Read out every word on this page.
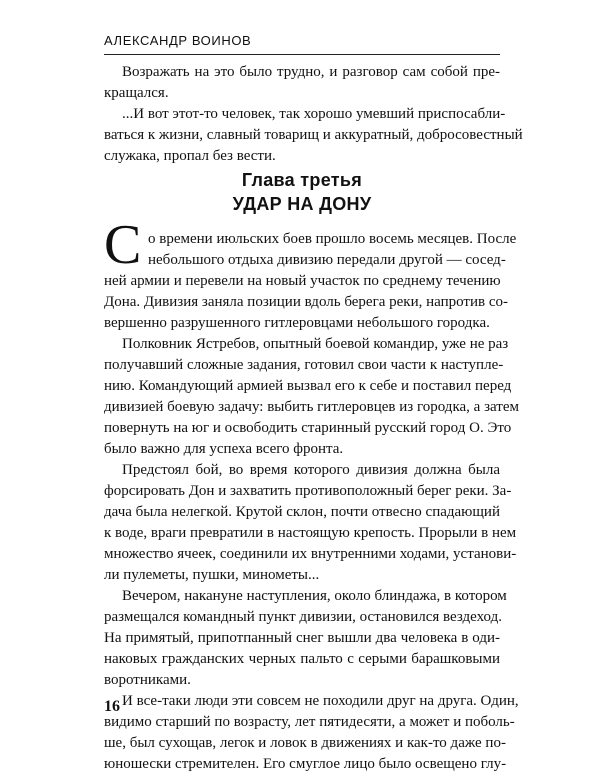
АЛЕКСАНДР ВОИНОВ
Возражать на это было трудно, и разговор сам собой пре-
кращался.
...И вот этот-то человек, так хорошо умевший приспосабли-
ваться к жизни, славный товарищ и аккуратный, добросовестный
служака, пропал без вести.
Глава третья
УДАР НА ДОНУ
С о времени июльских боев прошло восемь месяцев. После
небольшого отдыха дивизию передали другой — сосед-
ней армии и перевели на новый участок по среднему течению
Дона. Дивизия заняла позиции вдоль берега реки, напротив со-
вершенно разрушенного гитлеровцами небольшого городка.
Полковник Ястребов, опытный боевой командир, уже не раз
получавший сложные задания, готовил свои части к наступле-
нию. Командующий армией вызвал его к себе и поставил перед
дивизией боевую задачу: выбить гитлеровцев из городка, а затем
повернуть на юг и освободить старинный русский город О. Это
было важно для успеха всего фронта.
Предстоял бой, во время которого дивизия должна была
форсировать Дон и захватить противоположный берег реки. За-
дача была нелегкой. Крутой склон, почти отвесно спадающий
к воде, враги превратили в настоящую крепость. Прорыли в нем
множество ячеек, соединили их внутренними ходами, установи-
ли пулеметы, пушки, минометы...
Вечером, накануне наступления, около блиндажа, в котором
размещался командный пункт дивизии, остановился вездеход.
На примятый, припотпанный снег вышли два человека в оди-
наковых гражданских черных пальто с серыми барашковыми
воротниками.
И все-таки люди эти совсем не походили друг на друга. Один,
видимо старший по возрасту, лет пятидесяти, а может и поболь-
ше, был сухощав, легок и ловок в движениях и как-то даже по-
юношески стремителен. Его смуглое лицо было освещено глу-
16
